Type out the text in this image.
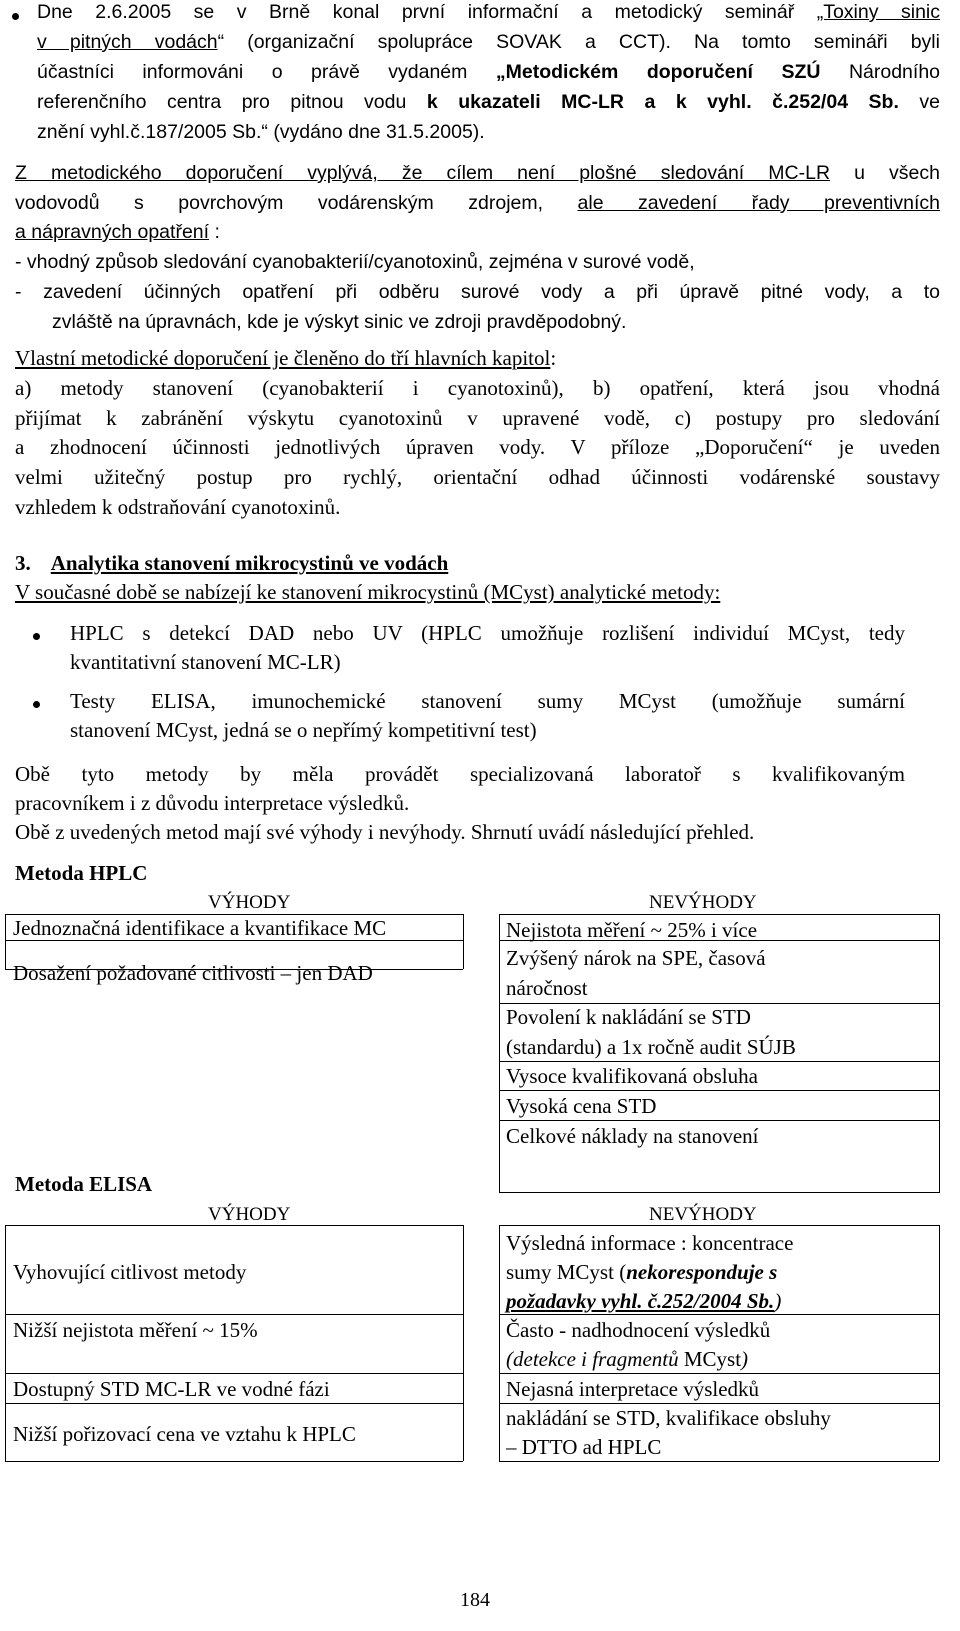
Dne 2.6.2005 se v Brně konal první informační a metodický seminář „Toxiny sinic
v pitných vodách“ (organizační spolupráce SOVAK a CCT). Na tomto semináři byli
účastníci informováni o právě vydaném „Metodickém doporučení SZÚ Národního
referenčního centra pro pitnou vodu k ukazateli MC-LR a k vyhl. č.252/04 Sb. ve
znění vyhl.č.187/2005 Sb.“ (vydáno dne 31.5.2005).
Z metodického doporučení vyplývá, že cílem není plošné sledování MC-LR u všech
vodovodů s povrchovým vodárenským zdrojem, ale zavedení řady preventivních
a nápravných opatření :
- vhodný způsob sledování cyanobakterií/cyanotoxinů, zejména v surové vodě,
- zavedení účinných opatření při odběru surové vody a při úpravě pitné vody, a to
zvláště na úpravnách, kde je výskyt sinic ve zdroji pravděpodobný.
Vlastní metodické doporučení je členěno do tří hlavních kapitol:
a) metody stanovení (cyanobakterií i cyanotoxinů), b) opatření, která jsou vhodná
přijímat k zabránění výskytu cyanotoxinů v upravené vodě, c) postupy pro sledování
a zhodnocení účinnosti jednotlivých úpraven vody. V příloze „Doporučení“ je uveden
velmi užitečný postup pro rychlý, orientační odhad účinnosti vodárenské soustavy
vzhledem k odstraňování cyanotoxinů.
3. Analytika stanovení mikrocystinů ve vodách
V současné době se nabízejí ke stanovení mikrocystinů (MCyst) analytické metody:
HPLC s detekcí DAD nebo UV (HPLC umožňuje rozlišení individuí MCyst, tedy
kvantitativní stanovení MC-LR)
Testy ELISA, imunochemické stanovení sumy MCyst (umožňuje sumární
stanovení MCyst, jedná se o nepřímý kompetitivní test)
Obě tyto metody by měla provádět specializovaná laboratoř s kvalifikovaným
pracovníkem i z důvodu interpretace výsledků.
Obě z uvedených metod mají své výhody i nevýhody. Shrnutí uvádí následující přehled.
Metoda HPLC
VÝHODY	NEVÝHODY
Jednoznačná identifikace a kvantifikace MC
Dosažení požadované citlivosti – jen DAD
Nejistota měření ~ 25% i více
Zvýšený nárok na SPE, časová
náročnost
Povolení k nakládání se STD
(standardu) a 1x ročně audit SÚJB
Vysoce kvalifikovaná obsluha
Vysoká cena STD
Celkové náklady na stanovení
Metoda ELISA
VÝHODY	NEVÝHODY
Vyhovující citlivost metody
Nižší nejistota měření ~ 15%
Dostupný STD MC-LR ve vodné fázi
Nižší pořizovací cena ve vztahu k HPLC
Výsledná informace : koncentrace
sumy MCyst (nekoresponduje s
požadavky vyhl. č.252/2004 Sb.)
Často - nadhodnocení výsledků
(detekce i fragmentů MCyst)
Nejasná interpretace výsledků
nakládání se STD, kvalifikace obsluhy
– DTTO ad HPLC
184
